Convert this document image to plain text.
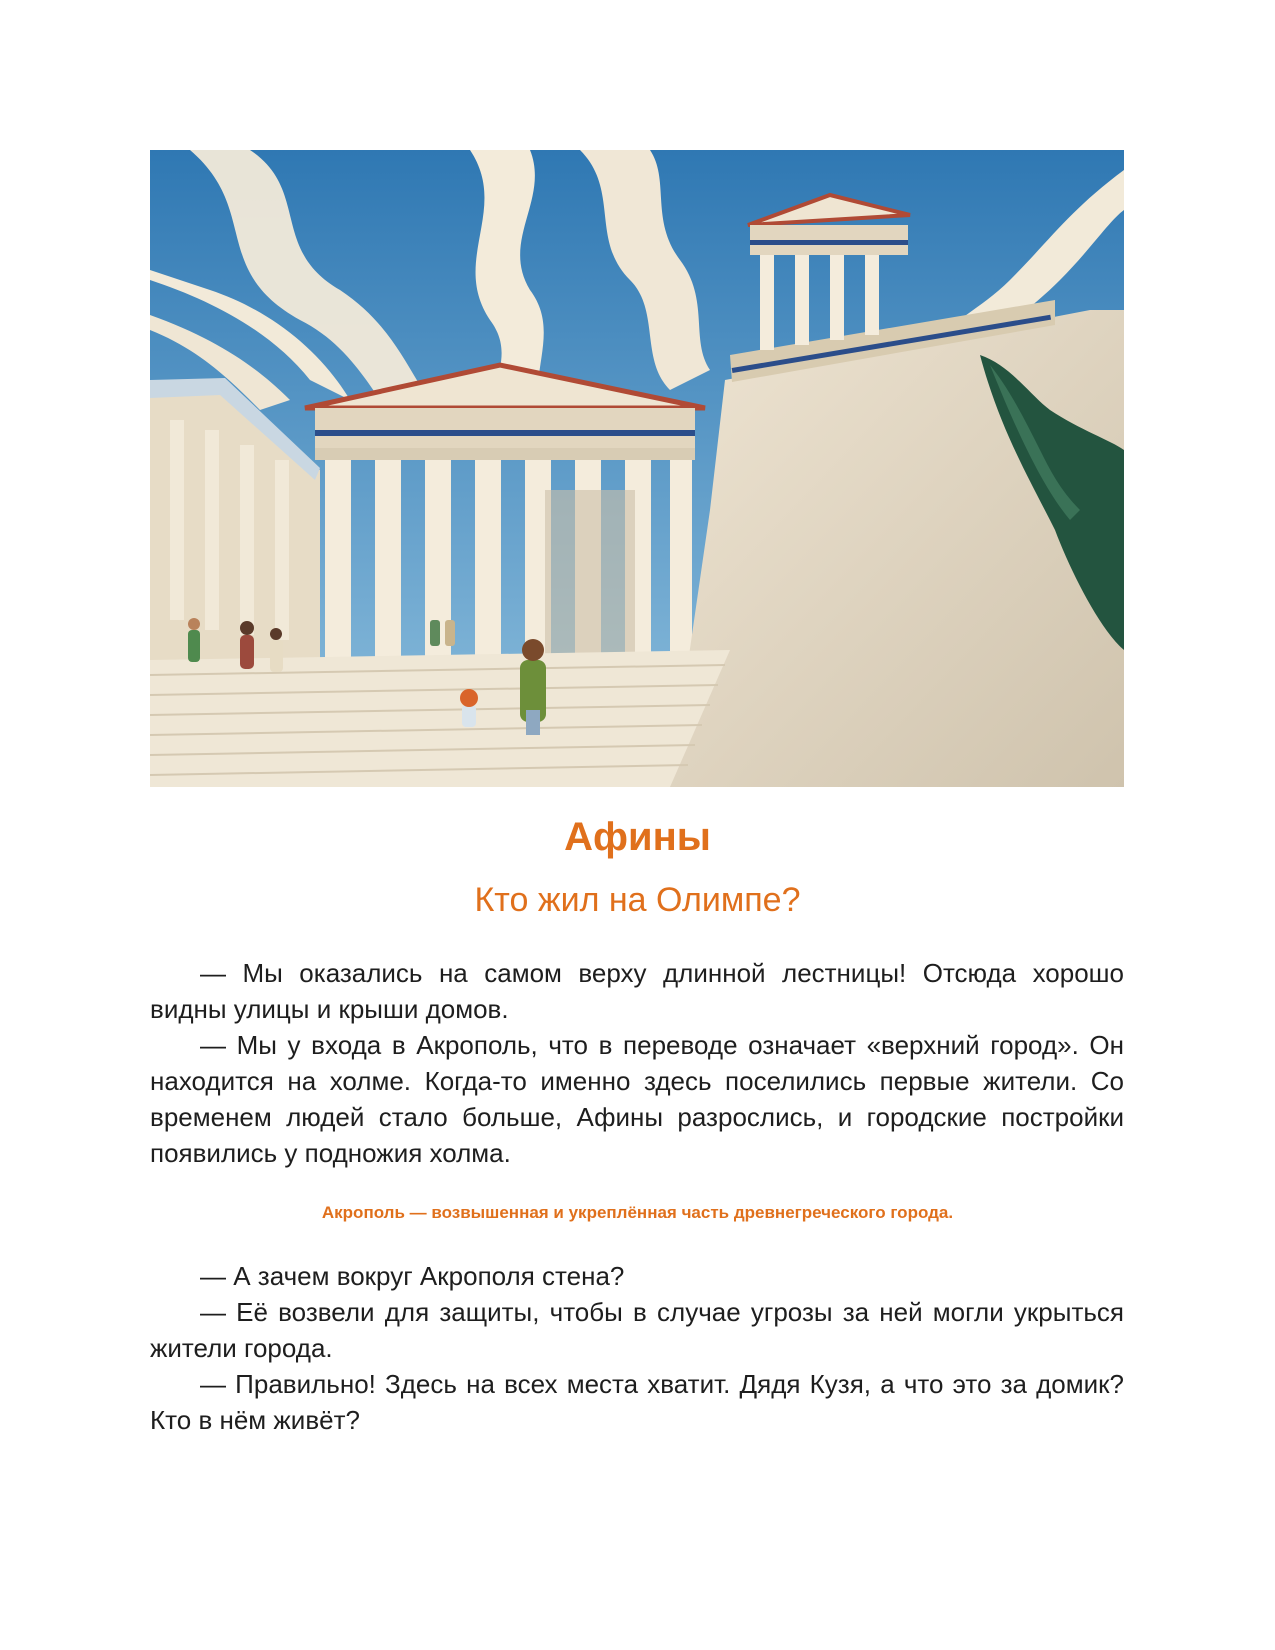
Афины
Кто жил на Олимпе?

— Мы оказались на самом верху длинной лестницы! Отсюда хорошо видны улицы и крыши домов.

— Мы у входа в Акрополь, что в переводе означает «верхний город». Он находится на холме. Когда-то именно здесь поселились первые жители. Со временем людей стало больше, Афины разрослись, и городские постройки появились у подножия холма.

Акрополь — возвышенная и укреплённая часть древнегреческого города.

— А зачем вокруг Акрополя стена?

— Её возвели для защиты, чтобы в случае угрозы за ней могли укрыться жители города.

— Правильно! Здесь на всех места хватит. Дядя Кузя, а что это за домик? Кто в нём живёт?
